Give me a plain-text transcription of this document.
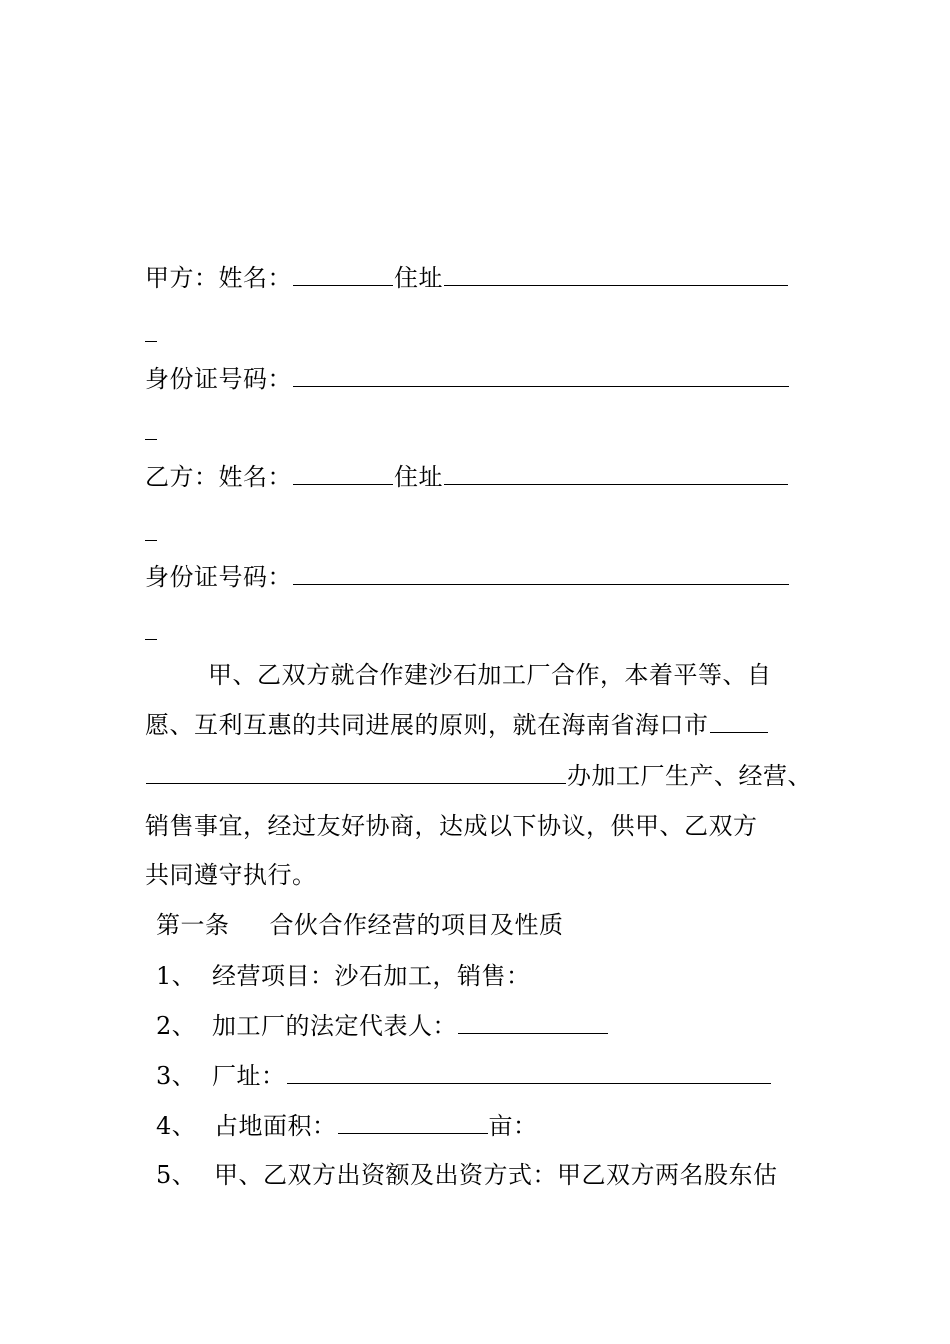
甲方：姓名：	住址
身份证号码：
乙方：姓名：	住址
身份证号码：
甲、乙双方就合作建沙石加工厂合作，本着平等、自
愿、互利互惠的共同进展的原则，就在海南省海口市
办加工厂生产、经营、
销售事宜，经过友好协商，达成以下协议，供甲、乙双方
共同遵守执行。
第一条 合伙合作经营的项目及性质
1、 经营项目：沙石加工，销售：
2、 加工厂的法定代表人：
3、 厂址：
4、 占地面积：	亩：
5、 甲、乙双方出资额及出资方式：甲乙双方两名股东估
